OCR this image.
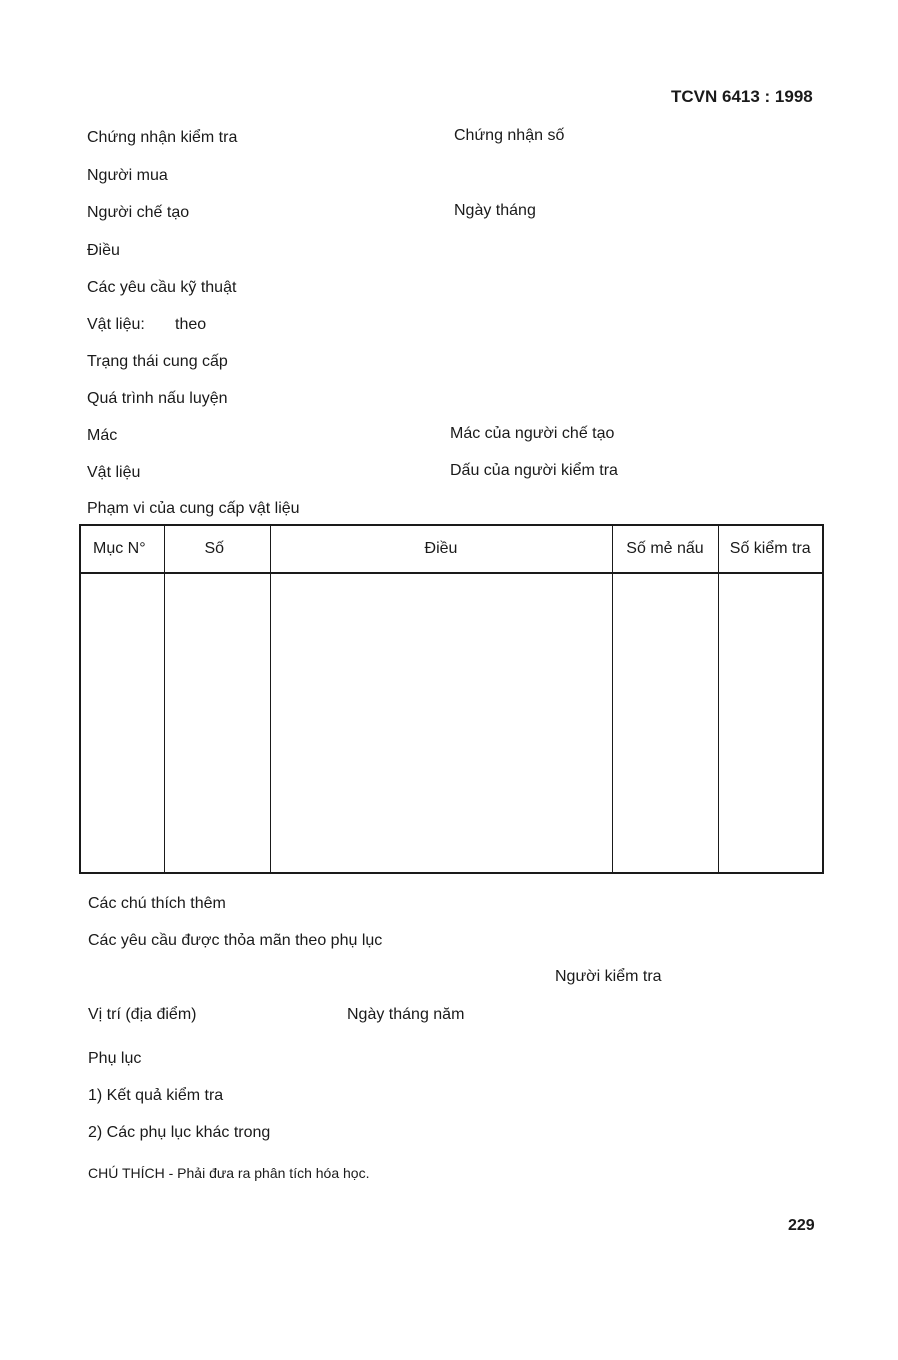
TCVN 6413 : 1998
Chứng nhận kiểm tra	Chứng nhận số
Người mua
Người chế tạo	Ngày tháng
Điều
Các yêu cầu kỹ thuật
Vật liệu: theo
Trạng thái cung cấp
Quá trình nấu luyện
Mác	Mác của người chế tạo
Vật liệu	Dấu của người kiểm tra
Phạm vi của cung cấp vật liệu
Mục N°	Số	Điều	Số mẻ nấu	Số kiểm tra

Các chú thích thêm
Các yêu cầu được thỏa mãn theo phụ lục
Người kiểm tra
Vị trí (địa điểm)	Ngày tháng năm
Phụ lục
1) Kết quả kiểm tra
2) Các phụ lục khác trong
CHÚ THÍCH - Phải đưa ra phân tích hóa học.
229
